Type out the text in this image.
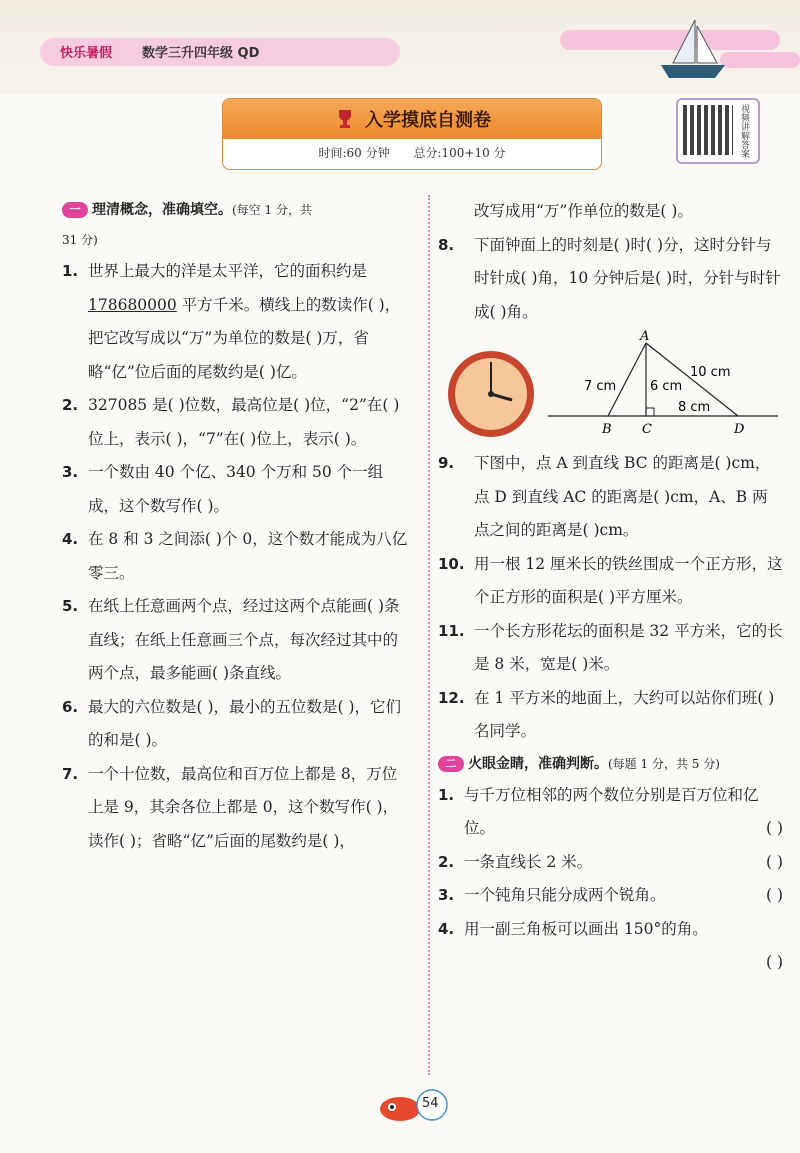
快乐暑假 数学三升四年级 QD
入学摸底自测卷
时间:60 分钟 总分:100+10 分	视频讲解答案
一 理清概念，准确填空。(每空 1 分，共
31 分)
1. 世界上最大的洋是太平洋，它的面积约是 178680000 平方千米。横线上的数读作( )，把它改写成以“万”为单位的数是( )万，省略“亿”位后面的尾数约是( )亿。
2. 327085 是( )位数，最高位是( )位，“2”在( )位上，表示( )，“7”在( )位上，表示( )。
3. 一个数由 40 个亿、340 个万和 50 个一组成，这个数写作( )。
4. 在 8 和 3 之间添( )个 0，这个数才能成为八亿零三。
5. 在纸上任意画两个点，经过这两个点能画( )条直线；在纸上任意画三个点，每次经过其中的两个点，最多能画( )条直线。
6. 最大的六位数是( )，最小的五位数是( )，它们的和是( )。
7. 一个十位数，最高位和百万位上都是 8，万位上是 9，其余各位上都是 0，这个数写作( )，读作( )；省略“亿”后面的尾数约是( )，
改写成用“万”作单位的数是( )。
8.	下面钟面上的时刻是( )时( )分，这时分针与时针成( )角，10 分钟后是( )时，分针与时针成( )角。
A
B C	D
7 cm	6 cm
10 cm
8 cm
9.	下图中，点 A 到直线 BC 的距离是( )cm，点 D 到直线 AC 的距离是( )cm，A、B 两点之间的距离是( )cm。
10. 用一根 12 厘米长的铁丝围成一个正方形，这个正方形的面积是( )平方厘米。
11. 一个长方形花坛的面积是 32 平方米，它的长是 8 米，宽是( )米。
12. 在 1 平方米的地面上，大约可以站你们班( )名同学。
二 火眼金睛，准确判断。(每题 1 分，共 5 分)
1. 与千万位相邻的两个数位分别是百万位和亿位。	( )
2. 一条直线长 2 米。	( )
3. 一个钝角只能分成两个锐角。	( )
4. 用一副三角板可以画出 150°的角。

( )
54
